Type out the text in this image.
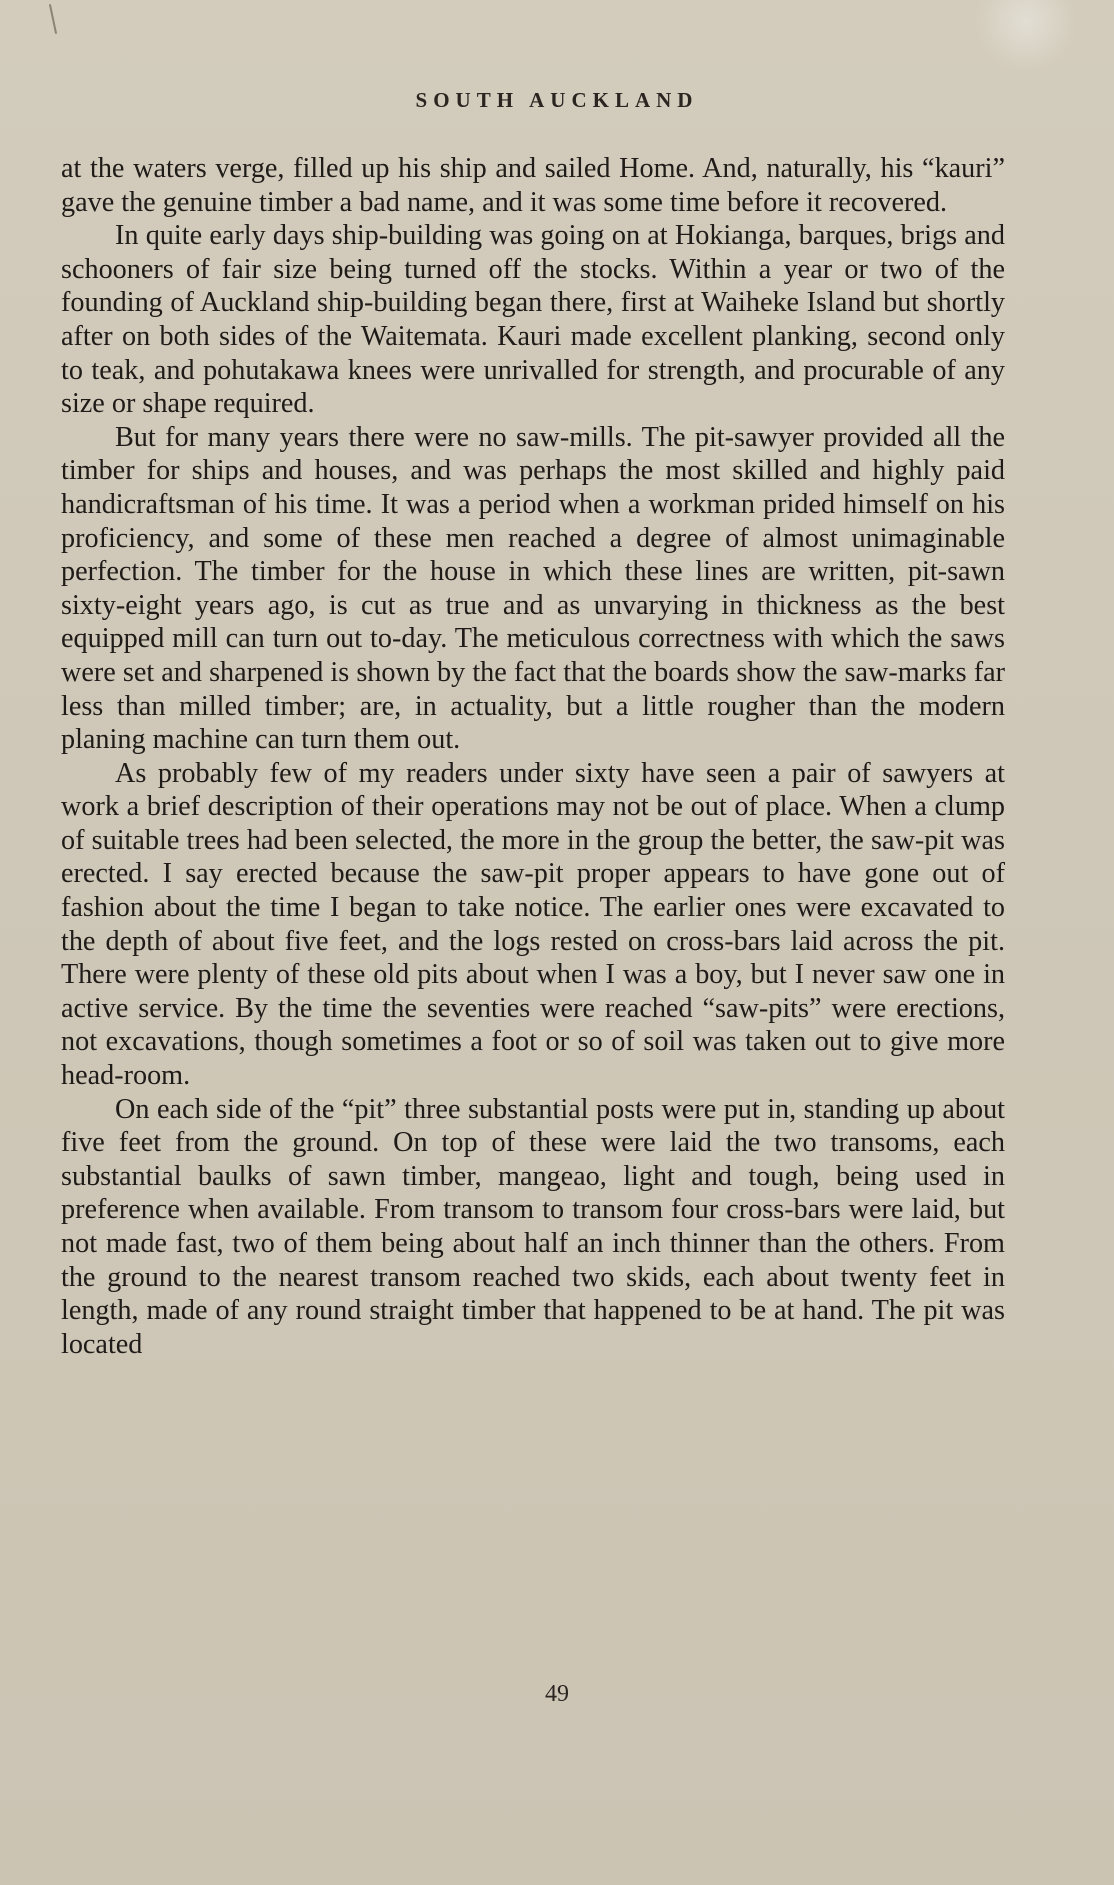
SOUTH AUCKLAND

at the waters verge, filled up his ship and sailed Home. And, naturally, his “kauri” gave the genuine timber a bad name, and it was some time before it recovered.

In quite early days ship-building was going on at Hokianga, barques, brigs and schooners of fair size being turned off the stocks. Within a year or two of the founding of Auckland ship-building began there, first at Waiheke Island but shortly after on both sides of the Waitemata. Kauri made excellent planking, second only to teak, and pohutakawa knees were unrivalled for strength, and procurable of any size or shape required.

But for many years there were no saw-mills. The pit-sawyer provided all the timber for ships and houses, and was perhaps the most skilled and highly paid handicraftsman of his time. It was a period when a workman prided himself on his proficiency, and some of these men reached a degree of almost unimaginable perfection. The timber for the house in which these lines are written, pit-sawn sixty-eight years ago, is cut as true and as unvarying in thickness as the best equipped mill can turn out to-day. The meticulous correctness with which the saws were set and sharpened is shown by the fact that the boards show the saw-marks far less than milled timber; are, in actuality, but a little rougher than the modern planing machine can turn them out.

As probably few of my readers under sixty have seen a pair of sawyers at work a brief description of their operations may not be out of place. When a clump of suitable trees had been selected, the more in the group the better, the saw-pit was erected. I say erected because the saw-pit proper appears to have gone out of fashion about the time I began to take notice. The earlier ones were excavated to the depth of about five feet, and the logs rested on cross-bars laid across the pit. There were plenty of these old pits about when I was a boy, but I never saw one in active service. By the time the seventies were reached “saw-pits” were erections, not excavations, though sometimes a foot or so of soil was taken out to give more head-room.

On each side of the “pit” three substantial posts were put in, standing up about five feet from the ground. On top of these were laid the two transoms, each substantial baulks of sawn timber, mangeao, light and tough, being used in preference when available. From transom to transom four cross-bars were laid, but not made fast, two of them being about half an inch thinner than the others. From the ground to the nearest transom reached two skids, each about twenty feet in length, made of any round straight timber that happened to be at hand. The pit was located

49
